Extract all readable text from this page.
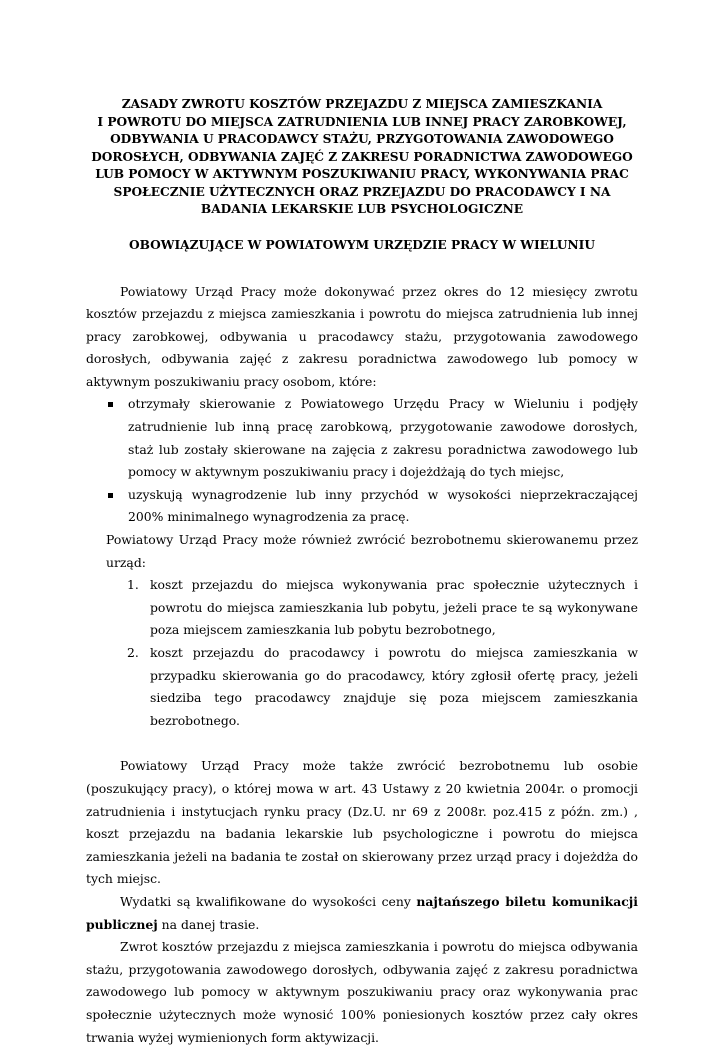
ZASADY ZWROTU KOSZTÓW PRZEJAZDU Z MIEJSCA ZAMIESZKANIA
I POWROTU DO MIEJSCA ZATRUDNIENIA LUB INNEJ PRACY ZAROBKOWEJ,
ODBYWANIA U PRACODAWCY STAŻU, PRZYGOTOWANIA ZAWODOWEGO
DOROSŁYCH, ODBYWANIA ZAJĘĆ Z ZAKRESU PORADNICTWA ZAWODOWEGO
LUB POMOCY W AKTYWNYM POSZUKIWANIU PRACY, WYKONYWANIA PRAC
SPOŁECZNIE UŻYTECZNYCH ORAZ PRZEJAZDU DO PRACODAWCY I NA
BADANIA LEKARSKIE LUB PSYCHOLOGICZNE
OBOWIĄZUJĄCE W POWIATOWYM URZĘDZIE PRACY W WIELUNIU

Powiatowy Urząd Pracy może dokonywać przez okres do 12 miesięcy zwrotu kosztów przejazdu z miejsca zamieszkania i powrotu do miejsca zatrudnienia lub innej pracy zarobkowej, odbywania u pracodawcy stażu, przygotowania zawodowego dorosłych, odbywania zajęć z zakresu poradnictwa zawodowego lub pomocy w aktywnym poszukiwaniu pracy osobom, które:

otrzymały skierowanie z Powiatowego Urzędu Pracy w Wieluniu i podjęły zatrudnienie lub inną pracę zarobkową, przygotowanie zawodowe dorosłych, staż lub zostały skierowane na zajęcia z zakresu poradnictwa zawodowego lub pomocy w aktywnym poszukiwaniu pracy i dojeżdżają do tych miejsc,
uzyskują wynagrodzenie lub inny przychód w wysokości nieprzekraczającej 200% minimalnego wynagrodzenia za pracę.

Powiatowy Urząd Pracy może również zwrócić bezrobotnemu skierowanemu przez urząd:

1. koszt przejazdu do miejsca wykonywania prac społecznie użytecznych i powrotu do miejsca zamieszkania lub pobytu, jeżeli prace te są wykonywane poza miejscem zamieszkania lub pobytu bezrobotnego,
2. koszt przejazdu do pracodawcy i powrotu do miejsca zamieszkania w przypadku skierowania go do pracodawcy, który zgłosił ofertę pracy, jeżeli siedziba tego pracodawcy znajduje się poza miejscem zamieszkania bezrobotnego.

Powiatowy Urząd Pracy może także zwrócić bezrobotnemu lub osobie (poszukujący pracy), o której mowa w art. 43 Ustawy z 20 kwietnia 2004r. o promocji zatrudnienia i instytucjach rynku pracy (Dz.U. nr 69 z 2008r. poz.415 z późn. zm.) , koszt przejazdu na badania lekarskie lub psychologiczne i powrotu do miejsca zamieszkania jeżeli na badania te został on skierowany przez urząd pracy i dojeżdża do tych miejsc.

Wydatki są kwalifikowane do wysokości ceny najtańszego biletu komunikacji publicznej na danej trasie.

Zwrot kosztów przejazdu z miejsca zamieszkania i powrotu do miejsca odbywania stażu, przygotowania zawodowego dorosłych, odbywania zajęć z zakresu poradnictwa zawodowego lub pomocy w aktywnym poszukiwaniu pracy oraz wykonywania prac społecznie użytecznych może wynosić 100% poniesionych kosztów przez cały okres trwania wyżej wymienionych form aktywizacji.
